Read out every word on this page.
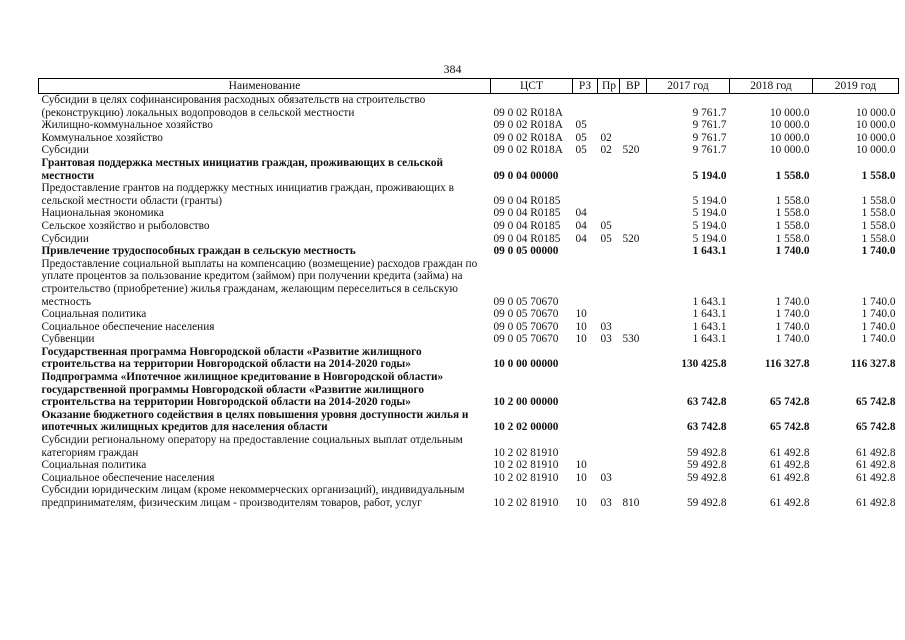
384
Наименование	ЦСТ	РЗ	Пр	ВР	2017 год	2018 год	2019 год
Субсидии в целях софинансирования расходных обязательств на строительство (реконструкцию) локальных водопроводов в сельской местности	09 0 02 R018A				9 761.7	10 000.0	10 000.0
Жилищно-коммунальное хозяйство	09 0 02 R018A	05			9 761.7	10 000.0	10 000.0
Коммунальное хозяйство	09 0 02 R018A	05	02		9 761.7	10 000.0	10 000.0
Субсидии	09 0 02 R018A	05	02	520	9 761.7	10 000.0	10 000.0
Грантовая поддержка местных инициатив граждан, проживающих в сельской местности	09 0 04 00000				5 194.0	1 558.0	1 558.0
Предоставление грантов на поддержку местных инициатив граждан, проживающих в сельской местности области (гранты)	09 0 04 R0185				5 194.0	1 558.0	1 558.0
Национальная экономика	09 0 04 R0185	04			5 194.0	1 558.0	1 558.0
Сельское хозяйство и рыболовство	09 0 04 R0185	04	05		5 194.0	1 558.0	1 558.0
Субсидии	09 0 04 R0185	04	05	520	5 194.0	1 558.0	1 558.0
Привлечение трудоспособных граждан в сельскую местность	09 0 05 00000				1 643.1	1 740.0	1 740.0
Предоставление социальной выплаты на компенсацию (возмещение) расходов граждан по уплате процентов за пользование кредитом (займом) при получении кредита (займа) на строительство (приобретение) жилья гражданам, желающим переселиться в сельскую местность	09 0 05 70670				1 643.1	1 740.0	1 740.0
Социальная политика	09 0 05 70670	10			1 643.1	1 740.0	1 740.0
Социальное обеспечение населения	09 0 05 70670	10	03		1 643.1	1 740.0	1 740.0
Субвенции	09 0 05 70670	10	03	530	1 643.1	1 740.0	1 740.0
Государственная программа Новгородской области «Развитие жилищного строительства на территории Новгородской области на 2014-2020 годы»	10 0 00 00000				130 425.8	116 327.8	116 327.8
Подпрограмма «Ипотечное жилищное кредитование в Новгородской области» государственной программы Новгородской области «Развитие жилищного строительства на территории Новгородской области на 2014-2020 годы»	10 2 00 00000				63 742.8	65 742.8	65 742.8
Оказание бюджетного содействия в целях повышения уровня доступности жилья и ипотечных жилищных кредитов для населения области	10 2 02 00000				63 742.8	65 742.8	65 742.8
Субсидии региональному оператору на предоставление социальных выплат отдельным категориям граждан	10 2 02 81910				59 492.8	61 492.8	61 492.8
Социальная политика	10 2 02 81910	10			59 492.8	61 492.8	61 492.8
Социальное обеспечение населения	10 2 02 81910	10	03		59 492.8	61 492.8	61 492.8
Субсидии юридическим лицам (кроме некоммерческих организаций), индивидуальным предпринимателям, физическим лицам - производителям товаров, работ, услуг	10 2 02 81910	10	03	810	59 492.8	61 492.8	61 492.8
